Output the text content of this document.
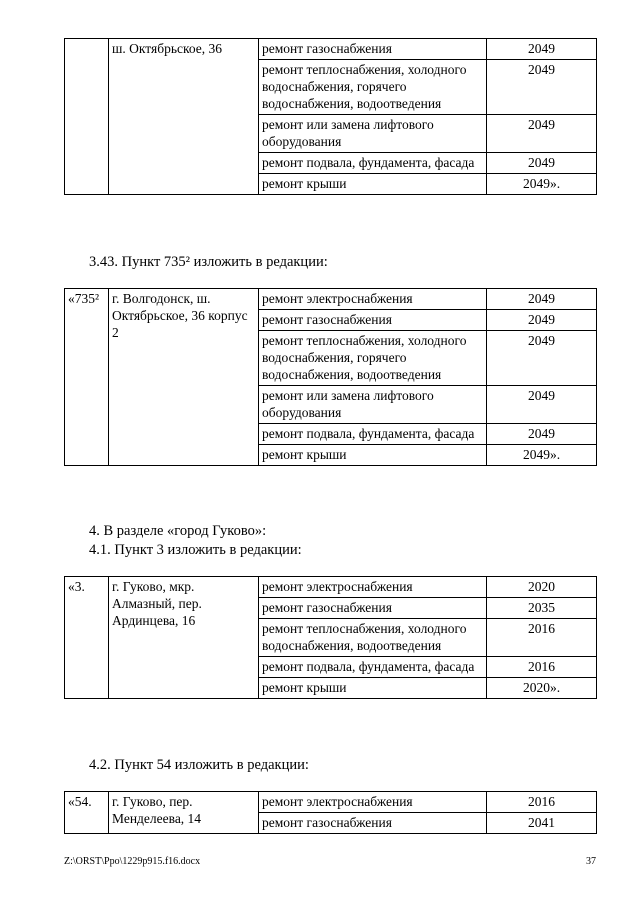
	ш. Октябрьское, 36	ремонт газоснабжения	2049
		ремонт теплоснабжения, холодного водоснабжения, горячего водоснабжения, водоотведения	2049
		ремонт или замена лифтового оборудования	2049
		ремонт подвала, фундамента, фасада	2049
		ремонт крыши	2049».
3.43. Пункт 735² изложить в редакции:
«735²	г. Волгодонск, ш. Октябрьское, 36 корпус 2	ремонт электроснабжения	2049
		ремонт газоснабжения	2049
		ремонт теплоснабжения, холодного водоснабжения, горячего водоснабжения, водоотведения	2049
		ремонт или замена лифтового оборудования	2049
		ремонт подвала, фундамента, фасада	2049
		ремонт крыши	2049».
4. В разделе «город Гуково»:
4.1. Пункт 3 изложить в редакции:
«3.	г. Гуково, мкр. Алмазный, пер. Ардинцева, 16	ремонт электроснабжения	2020
		ремонт газоснабжения	2035
		ремонт теплоснабжения, холодного водоснабжения, водоотведения	2016
		ремонт подвала, фундамента, фасада	2016
		ремонт крыши	2020».
4.2. Пункт 54 изложить в редакции:
«54.	г. Гуково, пер. Менделеева, 14	ремонт электроснабжения	2016
		ремонт газоснабжения	2041
Z:\ORST\Ppo\1229p915.f16.docx	37
